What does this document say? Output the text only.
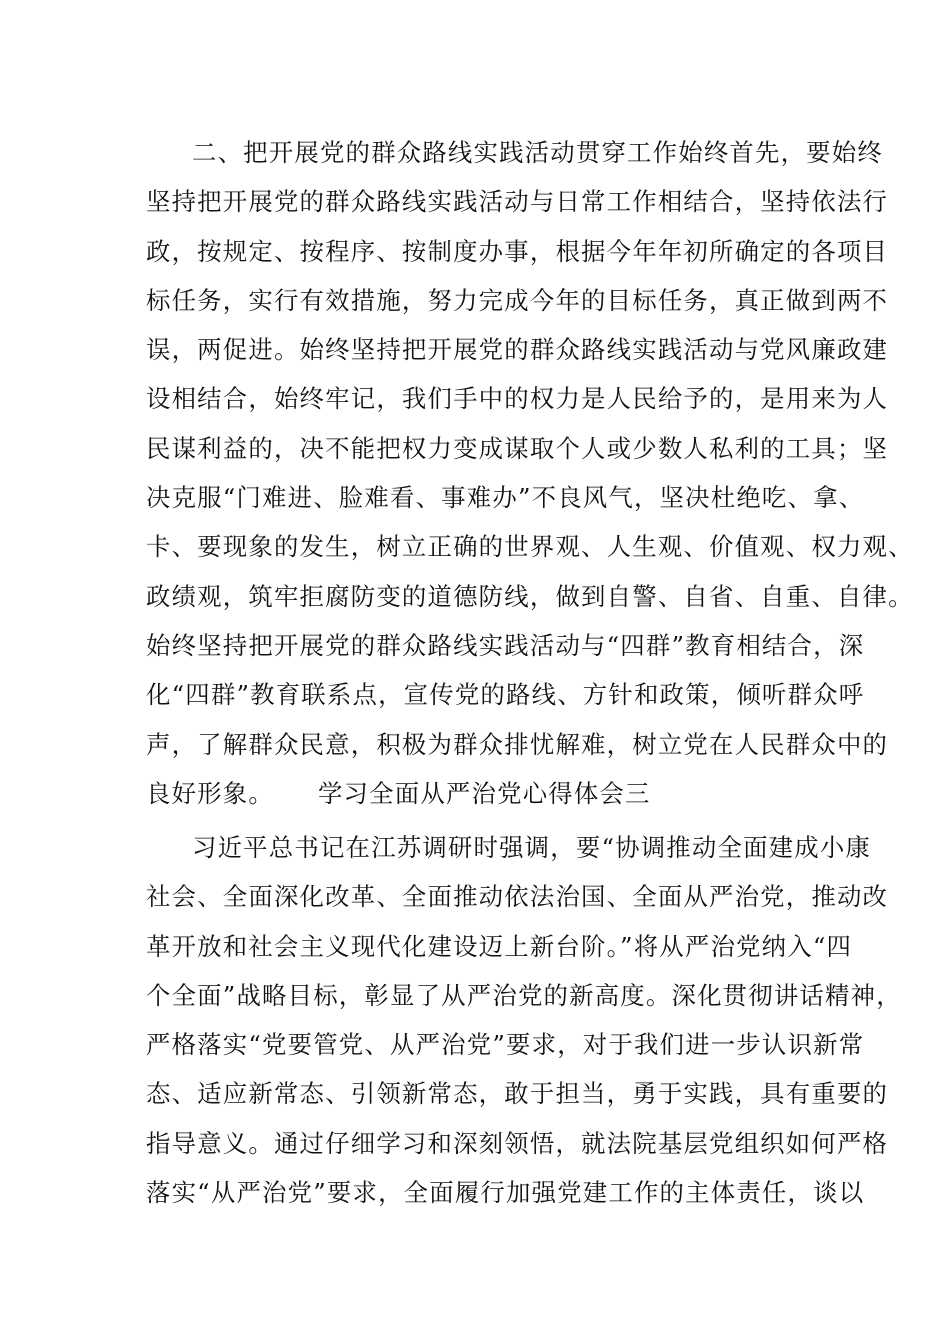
二、把开展党的群众路线实践活动贯穿工作始终首先，要始终
坚持把开展党的群众路线实践活动与日常工作相结合，坚持依法行
政，按规定、按程序、按制度办事，根据今年年初所确定的各项目
标任务，实行有效措施，努力完成今年的目标任务，真正做到两不
误，两促进。始终坚持把开展党的群众路线实践活动与党风廉政建
设相结合，始终牢记，我们手中的权力是人民给予的，是用来为人
民谋利益的，决不能把权力变成谋取个人或少数人私利的工具；坚
决克服“门难进、脸难看、事难办”不良风气，坚决杜绝吃、拿、
卡、要现象的发生，树立正确的世界观、人生观、价值观、权力观、
政绩观，筑牢拒腐防变的道德防线，做到自警、自省、自重、自律。
始终坚持把开展党的群众路线实践活动与“四群”教育相结合，深
化“四群”教育联系点，宣传党的路线、方针和政策，倾听群众呼
声，了解群众民意，积极为群众排忧解难，树立党在人民群众中的
良好形象。 学习全面从严治党心得体会三
习近平总书记在江苏调研时强调，要“协调推动全面建成小康
社会、全面深化改革、全面推动依法治国、全面从严治党，推动改
革开放和社会主义现代化建设迈上新台阶。”将从严治党纳入“四
个全面”战略目标，彰显了从严治党的新高度。深化贯彻讲话精神，
严格落实“党要管党、从严治党”要求，对于我们进一步认识新常
态、适应新常态、引领新常态，敢于担当，勇于实践，具有重要的
指导意义。通过仔细学习和深刻领悟，就法院基层党组织如何严格
落实“从严治党”要求，全面履行加强党建工作的主体责任，谈以
